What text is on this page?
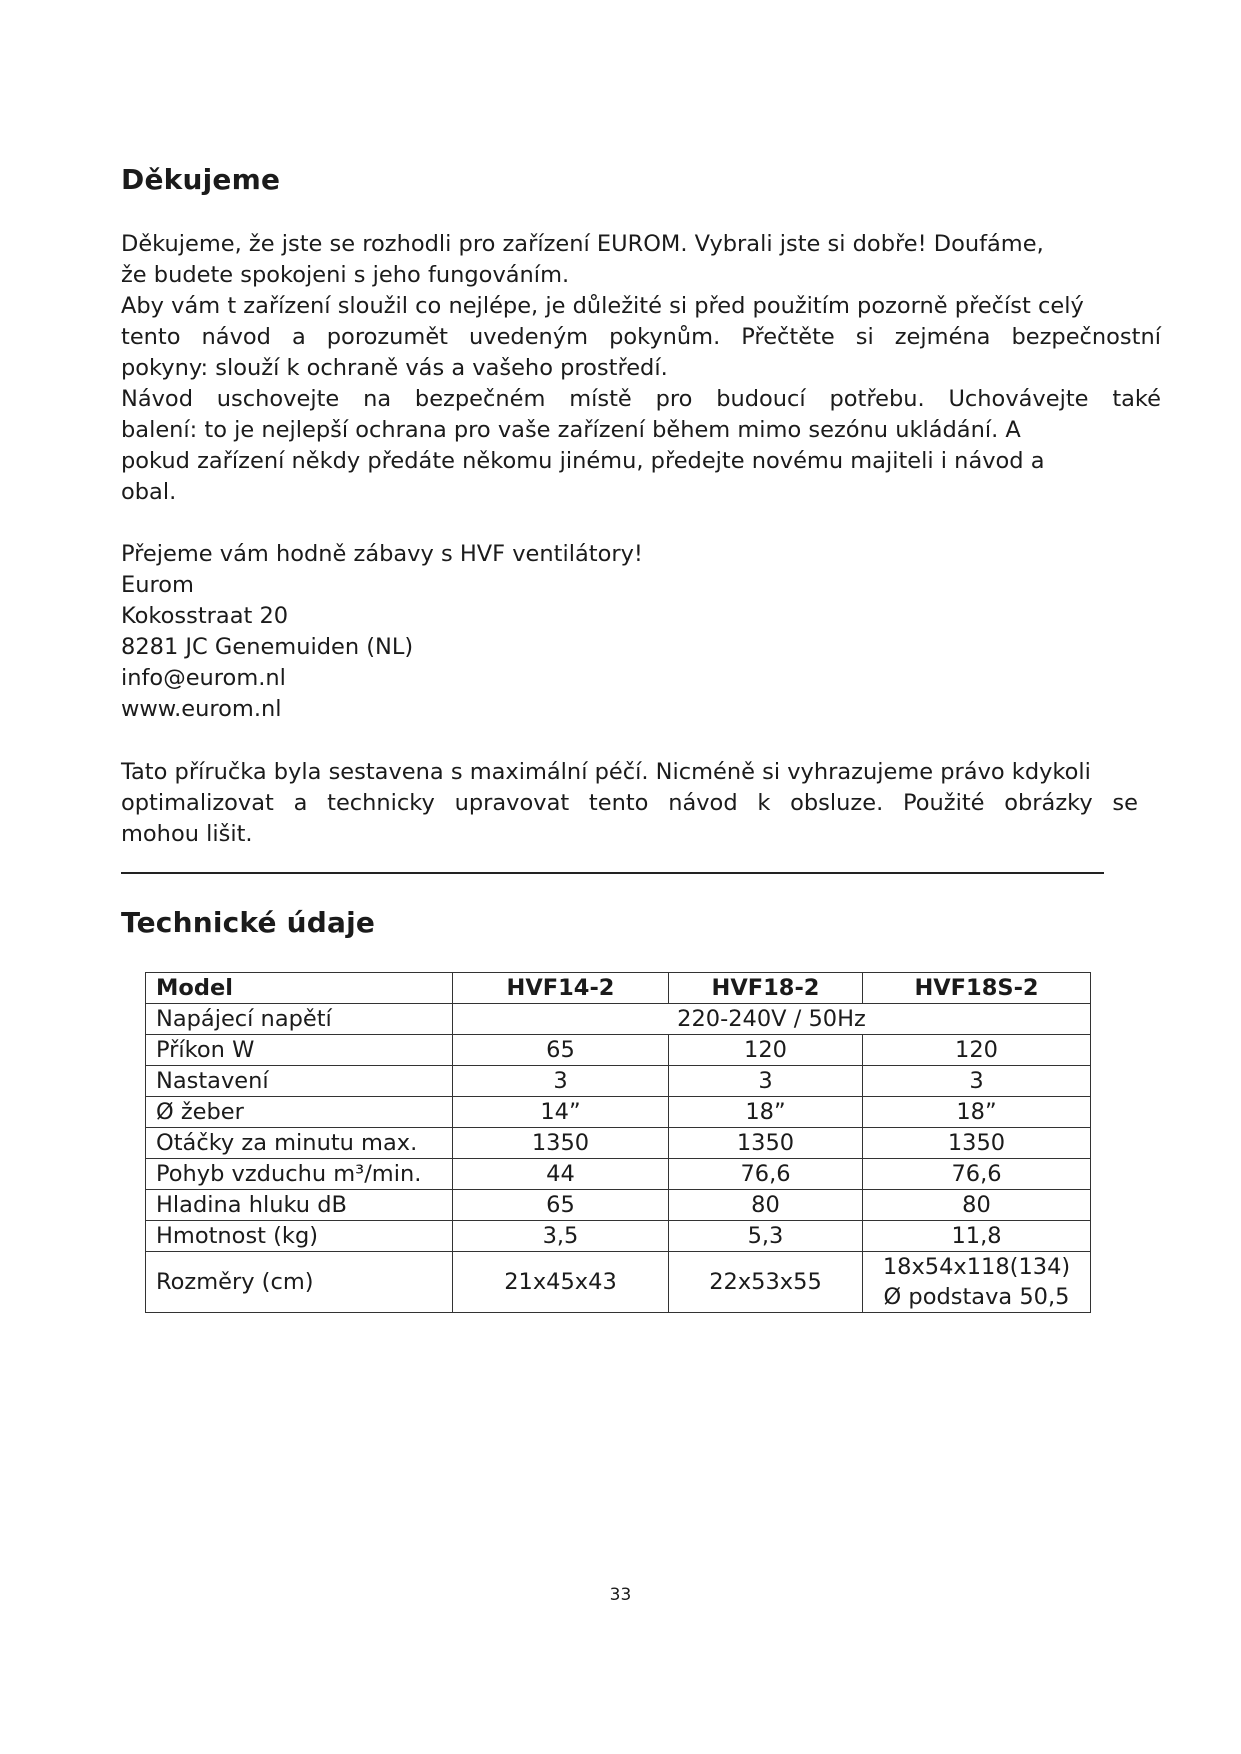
Děkujeme
Děkujeme, že jste se rozhodli pro zařízení EUROM. Vybrali jste si dobře! Doufáme,
že budete spokojeni s jeho fungováním.
Aby vám t zařízení sloužil co nejlépe, je důležité si před použitím pozorně přečíst celý
tento návod a porozumět uvedeným pokynům. Přečtěte si zejména bezpečnostní
pokyny: slouží k ochraně vás a vašeho prostředí.
Návod uschovejte na bezpečném místě pro budoucí potřebu. Uchovávejte také
balení: to je nejlepší ochrana pro vaše zařízení během mimo sezónu ukládání. A
pokud zařízení někdy předáte někomu jinému, předejte novému majiteli i návod a
obal.
Přejeme vám hodně zábavy s HVF ventilátory!
Eurom
Kokosstraat 20
8281 JC Genemuiden (NL)
info@eurom.nl
www.eurom.nl
Tato příručka byla sestavena s maximální péčí. Nicméně si vyhrazujeme právo kdykoli
optimalizovat a technicky upravovat tento návod k obsluze. Použité obrázky se
mohou lišit.
Technické údaje
Model	HVF14-2	HVF18-2	HVF18S-2
Napájecí napětí	220-240V / 50Hz		
Příkon W	65	120	120
Nastavení	3	3	3
Ø žeber	14”	18”	18”
Otáčky za minutu max.	1350	1350	1350
Pohyb vzduchu m³/min.	44	76,6	76,6
Hladina hluku dB	65	80	80
Hmotnost (kg)	3,5	5,3	11,8
Rozměry (cm)	21x45x43	22x53x55	18x54x118(134)
Ø podstava 50,5
33
